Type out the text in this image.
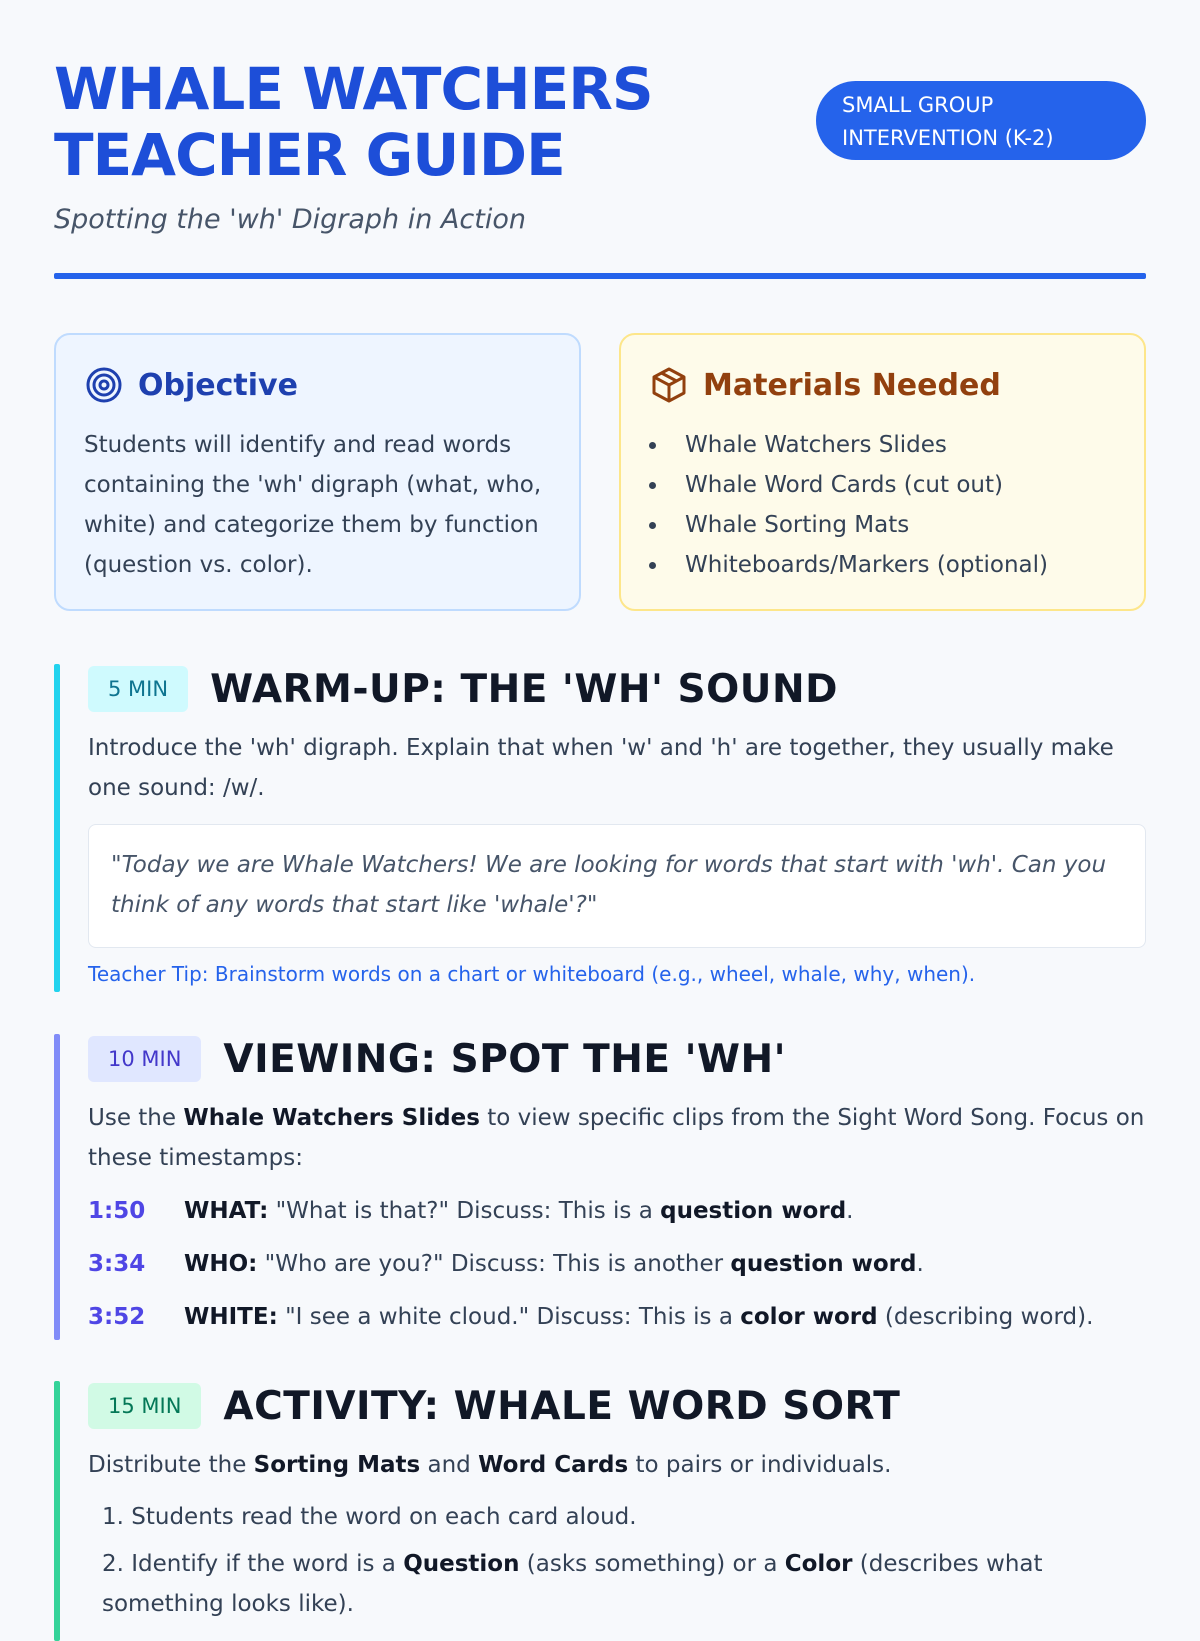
WHALE WATCHERS
TEACHER GUIDE
SMALL GROUP
INTERVENTION (K-2)
Spotting the 'wh' Digraph in Action
Objective

Students will identify and read words containing the 'wh' digraph (what, who, white) and categorize them by function (question vs. color).

Materials Needed
Whale Watchers Slides
Whale Word Cards (cut out)
Whale Sorting Mats
Whiteboards/Markers (optional)
5 MIN	WARM-UP: THE 'WH' SOUND

Introduce the 'wh' digraph. Explain that when 'w' and 'h' are together, they usually make one sound: /w/.

"Today we are Whale Watchers! We are looking for words that start with 'wh'. Can you think of any words that start like 'whale'?"

Teacher Tip: Brainstorm words on a chart or whiteboard (e.g., wheel, whale, why, when).

10 MIN	VIEWING: SPOT THE 'WH'

Use the Whale Watchers Slides to view specific clips from the Sight Word Song. Focus on these timestamps:

1:50	WHAT: "What is that?" Discuss: This is a question word.
3:34	WHO: "Who are you?" Discuss: This is another question word.
3:52	WHITE: "I see a white cloud." Discuss: This is a color word (describing word).
15 MIN	ACTIVITY: WHALE WORD SORT

Distribute the Sorting Mats and Word Cards to pairs or individuals.

1. Students read the word on each card aloud.
2. Identify if the word is a Question (asks something) or a Color (describes what something looks like).
